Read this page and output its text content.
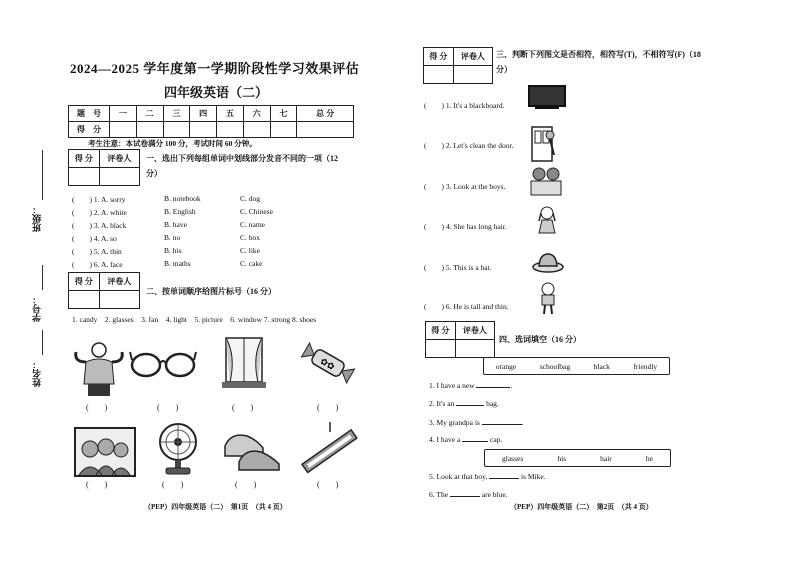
班级：
学号：
姓名：
2024—2025 学年度第一学期阶段性学习效果评估
四年级英语（二）
题　号	一	二	三	四	五	六	七	总 分
得　分								
考生注意：本试卷满分 100 分，考试时间 60 分钟。
得 分	评卷人
	一、选出下列每组单词中划线部分发音不同的一项（12
分）
(　　) 1. A. sorry	B. notebook	C. dog
(　　) 2. A. white	B. English	C. Chinese
(　　) 3. A. black	B. have	C. name
(　　) 4. A. so	B. no	C. box
(　　) 5. A. thin	B. his	C. like
(　　) 6. A. face	B. maths	C. cake
得 分	评卷人

二、按单词顺序给图片标号（16 分）
1. candy　2. glasses　3. fan　4. light　5. picture　6. window 7. strong 8. shoes
✿✿
(　　)	(　　)	(　　)	(　　)
(　　)	(　　)	(　　)	(　　)
（PEP）四年级英语（二）　第1页　（共 4 页）
得 分	评卷人
	三、判断下列图文是否相符，相符写(T)，不相符写(F)（18
分）
(　　) 1. It's a blackboard.
(　　) 2. Let's clean the door.
(　　) 3. Look at the boys.
(　　) 4. She has long hair.
(　　) 5. This is a hat.
(　　) 6. He is tall and thin.
得 分	评卷人

四、选词填空（16 分）
orange	schoolbag	black	friendly
1. I have a new	.
2. It's an	bag.
3. My grandpa is	.
4. I have a	cap.
glasses	his	hair	he
5. Look at that boy,	is Mike.
6. The	are blue.
（PEP）四年级英语（二）　第2页　（共 4 页）
